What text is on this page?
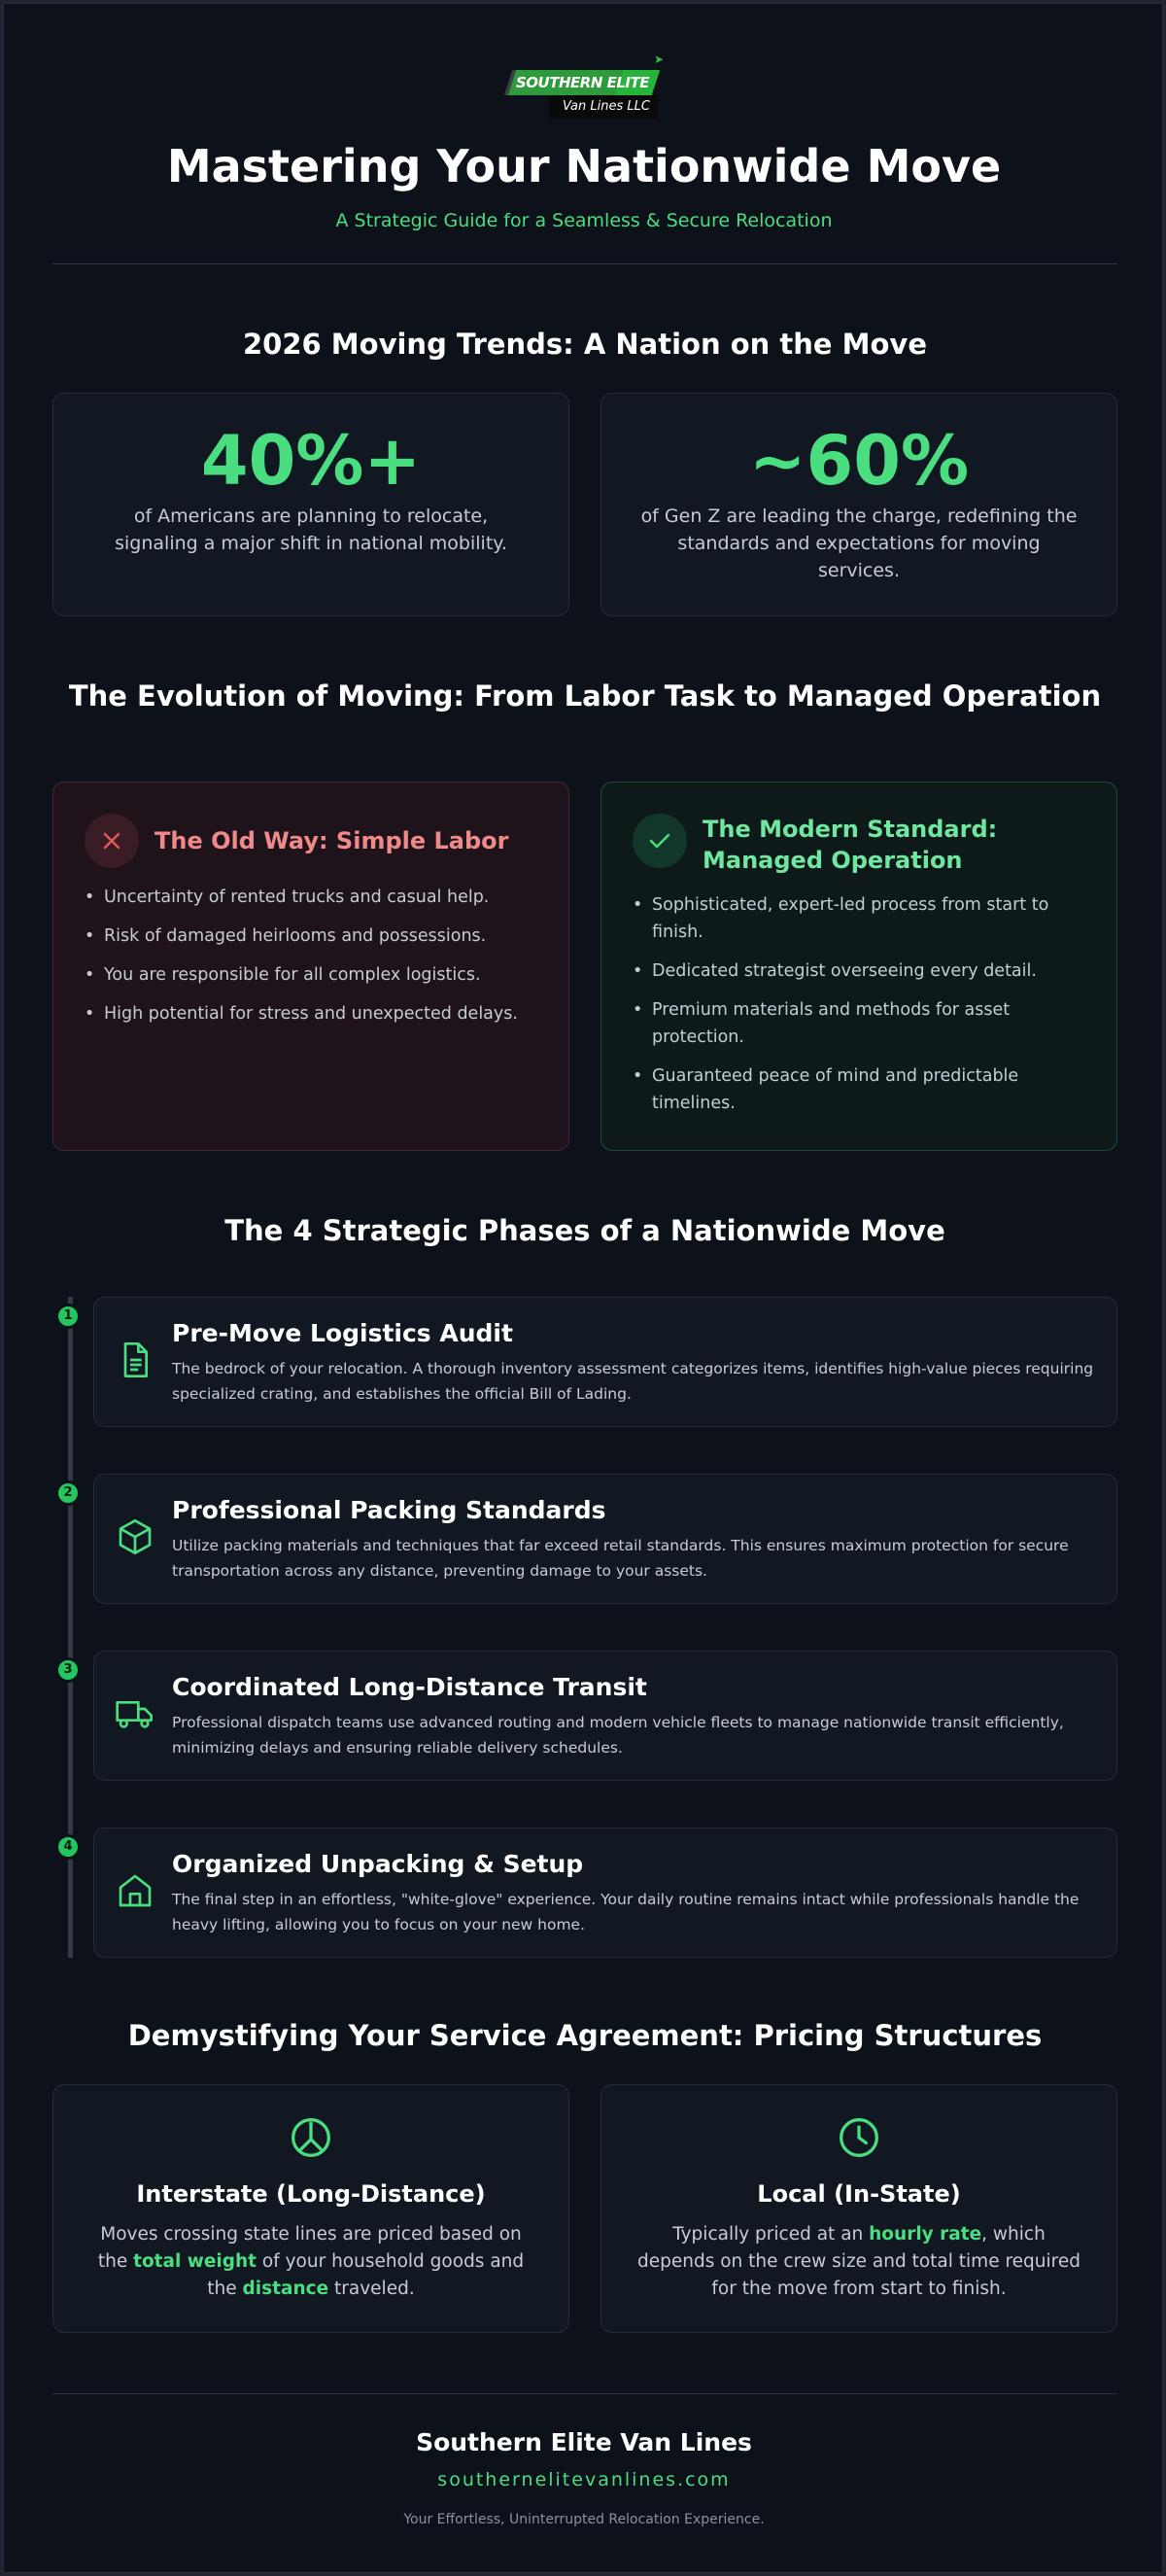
➤
SOUTHERN ELITE
Van Lines LLC
Mastering Your Nationwide Move
A Strategic Guide for a Seamless & Secure Relocation
2026 Moving Trends: A Nation on the Move
40%+
of Americans are planning to relocate, signaling a major shift in national mobility.
~60%
of Gen Z are leading the charge, redefining the standards and expectations for moving services.
The Evolution of Moving: From Labor Task to Managed Operation
The Old Way: Simple Labor
• Uncertainty of rented trucks and casual help.
• Risk of damaged heirlooms and possessions.
• You are responsible for all complex logistics.
• High potential for stress and unexpected delays.
The Modern Standard: Managed Operation
• Sophisticated, expert-led process from start to finish.
• Dedicated strategist overseeing every detail.
• Premium materials and methods for asset protection.
• Guaranteed peace of mind and predictable timelines.
The 4 Strategic Phases of a Nationwide Move
1
Pre-Move Logistics Audit
The bedrock of your relocation. A thorough inventory assessment categorizes items, identifies high-value pieces requiring specialized crating, and establishes the official Bill of Lading.
2
Professional Packing Standards
Utilize packing materials and techniques that far exceed retail standards. This ensures maximum protection for secure transportation across any distance, preventing damage to your assets.
3
Coordinated Long-Distance Transit
Professional dispatch teams use advanced routing and modern vehicle fleets to manage nationwide transit efficiently, minimizing delays and ensuring reliable delivery schedules.
4
Organized Unpacking & Setup
The final step in an effortless, "white-glove" experience. Your daily routine remains intact while professionals handle the heavy lifting, allowing you to focus on your new home.
Demystifying Your Service Agreement: Pricing Structures
Interstate (Long-Distance)
Moves crossing state lines are priced based on the total weight of your household goods and the distance traveled.
Local (In-State)
Typically priced at an hourly rate, which depends on the crew size and total time required for the move from start to finish.
Southern Elite Van Lines
southernelitevanlines.com
Your Effortless, Uninterrupted Relocation Experience.
